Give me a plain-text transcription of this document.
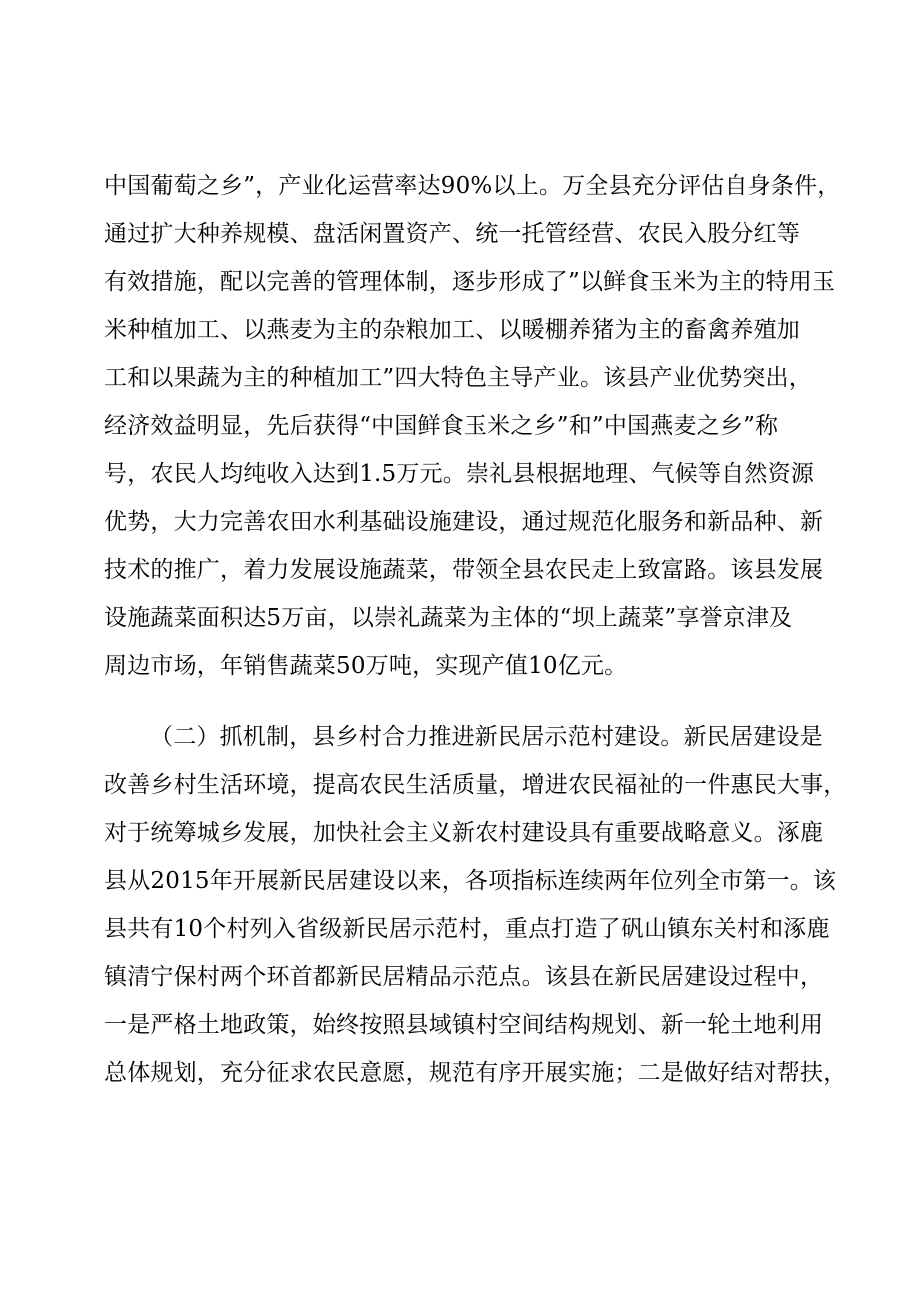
中国葡萄之乡”，产业化运营率达90%以上。万全县充分评估自身条件，
通过扩大种养规模、盘活闲置资产、统一托管经营、农民入股分红等
有效措施，配以完善的管理体制，逐步形成了”以鲜食玉米为主的特用玉
米种植加工、以燕麦为主的杂粮加工、以暖棚养猪为主的畜禽养殖加
工和以果蔬为主的种植加工”四大特色主导产业。该县产业优势突出，
经济效益明显，先后获得“中国鲜食玉米之乡”和”中国燕麦之乡”称
号，农民人均纯收入达到1.5万元。崇礼县根据地理、气候等自然资源
优势，大力完善农田水利基础设施建设，通过规范化服务和新品种、新
技术的推广，着力发展设施蔬菜，带领全县农民走上致富路。该县发展
设施蔬菜面积达5万亩，以崇礼蔬菜为主体的“坝上蔬菜”享誉京津及
周边市场，年销售蔬菜50万吨，实现产值10亿元。
（二）抓机制，县乡村合力推进新民居示范村建设。新民居建设是
改善乡村生活环境，提高农民生活质量，增进农民福祉的一件惠民大事，
对于统筹城乡发展，加快社会主义新农村建设具有重要战略意义。涿鹿
县从2015年开展新民居建设以来，各项指标连续两年位列全市第一。该
县共有10个村列入省级新民居示范村，重点打造了矾山镇东关村和涿鹿
镇清宁保村两个环首都新民居精品示范点。该县在新民居建设过程中，
一是严格土地政策，始终按照县域镇村空间结构规划、新一轮土地利用
总体规划，充分征求农民意愿，规范有序开展实施；二是做好结对帮扶，
